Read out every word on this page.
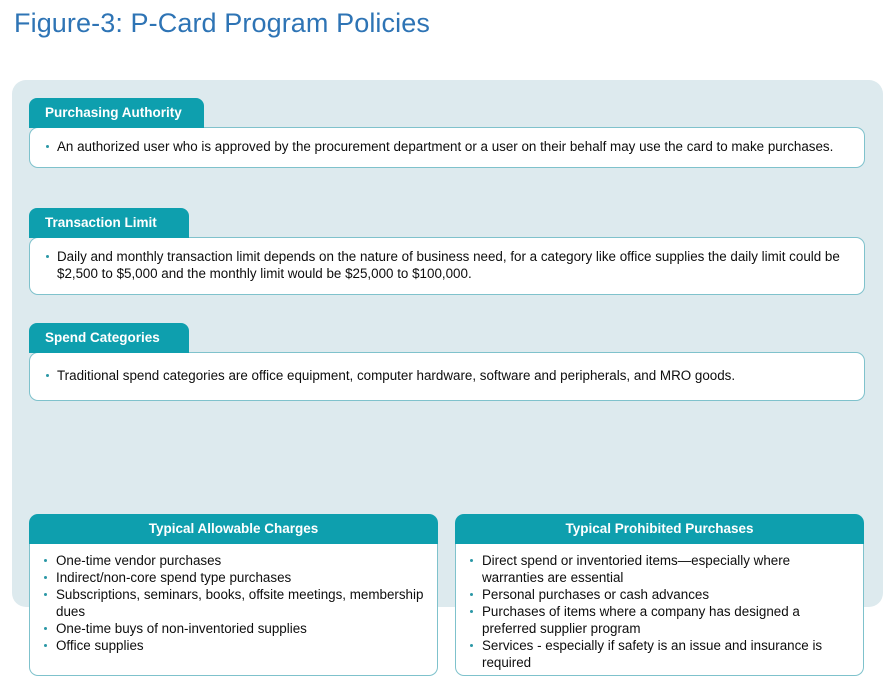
Figure-3: P-Card Program Policies
Purchasing Authority
An authorized user who is approved by the procurement department or a user on their behalf may use the card to make purchases.
Transaction Limit
Daily and monthly transaction limit depends on the nature of business need, for a category like office supplies the daily limit could be $2,500 to $5,000 and the monthly limit would be $25,000 to $100,000.
Spend Categories
Traditional spend categories are office equipment, computer hardware, software and peripherals, and MRO goods.
Typical Allowable Charges
One-time vendor purchases
Indirect/non-core spend type purchases
Subscriptions, seminars, books, offsite meetings, membership dues
One-time buys of non-inventoried supplies
Office supplies
Typical Prohibited Purchases
Direct spend or inventoried items—especially where warranties are essential
Personal purchases or cash advances
Purchases of items where a company has designed a preferred supplier program
Services - especially if safety is an issue and insurance is required
